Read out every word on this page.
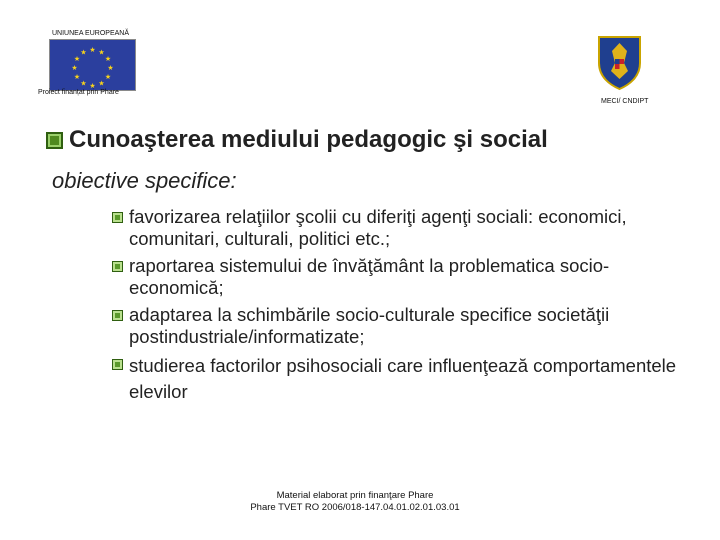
UNIUNEA EUROPEANĂ
★ ★
★
★
★
★
★
★
★
★
★
★
Proiect finanțat prin Phare
MECI/ CNDIPT
Cunoaşterea mediului pedagogic şi social
obiective specifice:
favorizarea relaţiilor şcolii cu diferiţi agenţi sociali: economici, comunitari, culturali, politici etc.;
raportarea sistemului de învăţământ la problematica socio-economică;
adaptarea la schimbările socio-culturale specifice societăţii postindustriale/informatizate;
studierea factorilor psihosociali care influenţează comportamentele elevilor
Material elaborat prin finanţare Phare
Phare TVET RO 2006/018-147.04.01.02.01.03.01
